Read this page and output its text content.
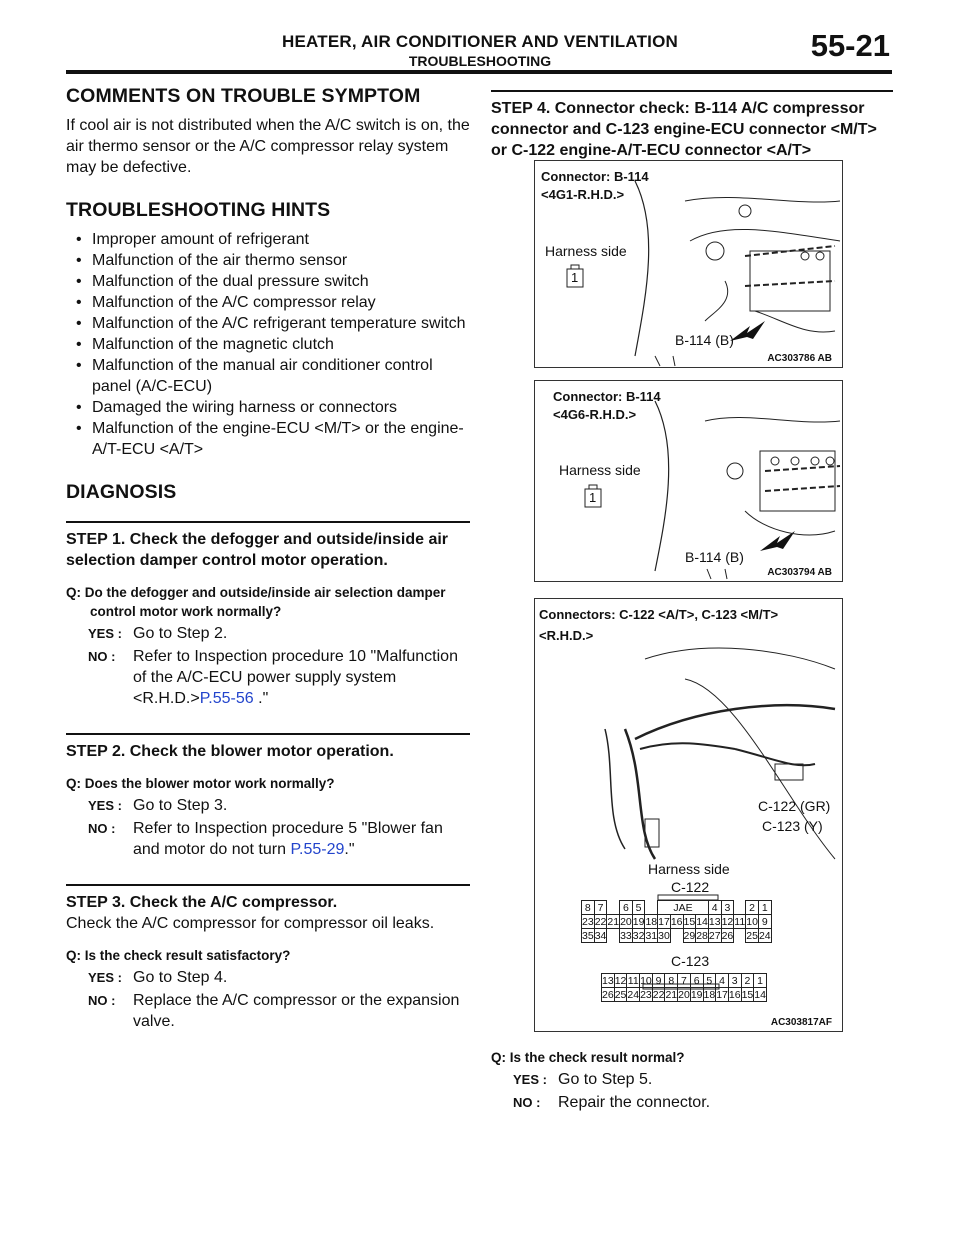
HEATER, AIR CONDITIONER AND VENTILATION
TROUBLESHOOTING	55-21
COMMENTS ON TROUBLE SYMPTOM

If cool air is not distributed when the A/C switch is on, the air thermo sensor or the A/C compressor relay system may be defective.

TROUBLESHOOTING HINTS
• Improper amount of refrigerant
• Malfunction of the air thermo sensor
• Malfunction of the dual pressure switch
• Malfunction of the A/C compressor relay
• Malfunction of the A/C refrigerant temperature switch
• Malfunction of the magnetic clutch
• Malfunction of the manual air conditioner control panel (A/C-ECU)
• Damaged the wiring harness or connectors
• Malfunction of the engine-ECU <M/T> or the engine-A/T-ECU <A/T>
DIAGNOSIS
STEP 1. Check the defogger and outside/inside air selection damper control motor operation.
Q: Do the defogger and outside/inside air selection damper control motor work normally?
YES : Go to Step 2.
NO : Refer to Inspection procedure 10 "Malfunction of the A/C-ECU power supply system <R.H.D.>P.55-56 ."
STEP 2. Check the blower motor operation.
Q: Does the blower motor work normally?
YES : Go to Step 3.
NO : Refer to Inspection procedure 5 "Blower fan and motor do not turn P.55-29."
STEP 3. Check the A/C compressor.

Check the A/C compressor for compressor oil leaks.

Q: Is the check result satisfactory?
YES : Go to Step 4.
NO : Replace the A/C compressor or the expansion valve.
STEP 4. Connector check: B-114 A/C compressor connector and C-123 engine-ECU connector <M/T> or C-122 engine-A/T-ECU connector <A/T>
Connector: B-114
<4G1-R.H.D.>
Harness side
1
B-114 (B)
AC303786 AB
Connector: B-114
<4G6-R.H.D.>
Harness side
1
B-114 (B)
AC303794 AB
Connectors: C-122 <A/T>, C-123 <M/T>
<R.H.D.>
C-122 (GR)
C-123 (Y)
Harness side
C-122
8	7		6	5		JAE				4	3		2	1
23	22	21	20	19	18	17	16	15	14	13	12	11	10	9
35	34		33	32	31	30		29	28	27	26		25	24
C-123
13	12	11	10	9	8	7	6	5	4	3	2	1
26	25	24	23	22	21	20	19	18	17	16	15	14
AC303817AF
Q: Is the check result normal?
YES : Go to Step 5.
NO : Repair the connector.
